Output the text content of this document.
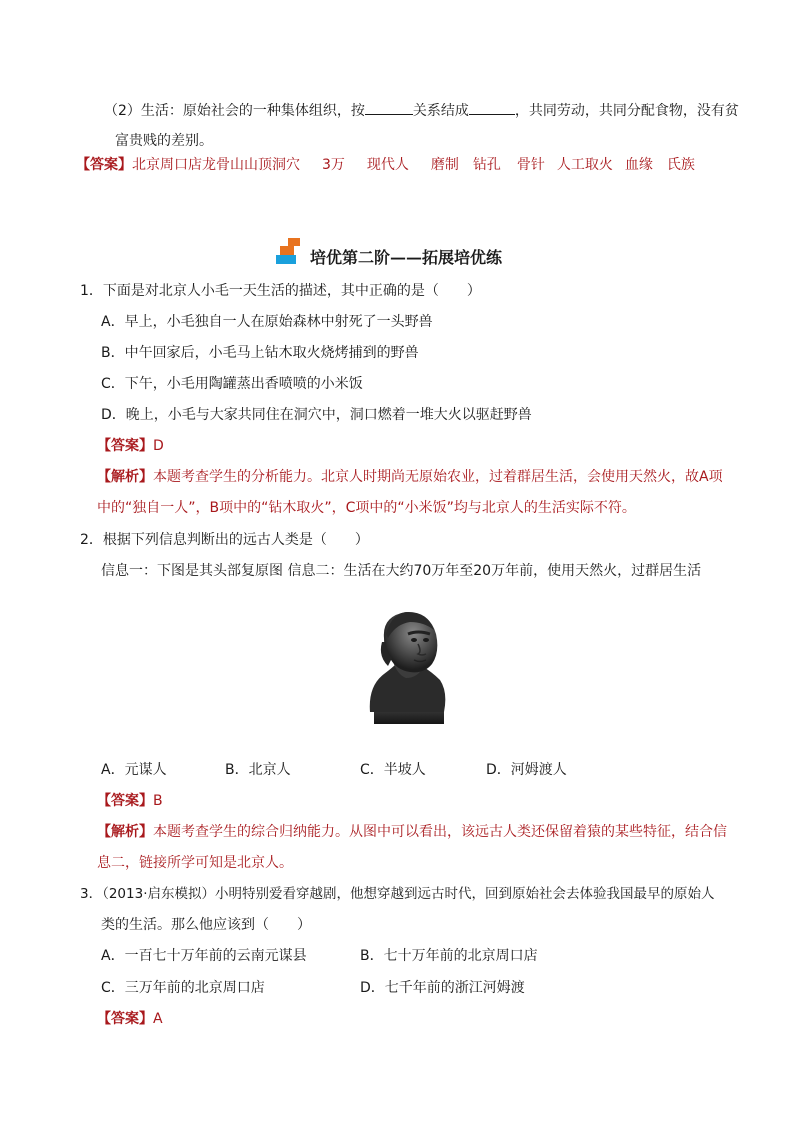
（2）生活：原始社会的一种集体组织，按	关系结成	，共同劳动，共同分配食物，没有贫
富贵贱的差别。
【答案】北京周口店龙骨山山顶洞穴 3万 现代人 磨制 钻孔 骨针 人工取火 血缘 氏族
培优第二阶——拓展培优练
1．下面是对北京人小毛一天生活的描述，其中正确的是（　　）
A．早上，小毛独自一人在原始森林中射死了一头野兽
B．中午回家后，小毛马上钻木取火烧烤捕到的野兽
C．下午，小毛用陶罐蒸出香喷喷的小米饭
D．晚上，小毛与大家共同住在洞穴中，洞口燃着一堆大火以驱赶野兽
【答案】D
【解析】本题考查学生的分析能力。北京人时期尚无原始农业，过着群居生活，会使用天然火，故A项
中的“独自一人”，B项中的“钻木取火”，C项中的“小米饭”均与北京人的生活实际不符。
2．根据下列信息判断出的远古人类是（　　）
信息一：下图是其头部复原图 信息二：生活在大约70万年至20万年前，使用天然火，过群居生活
A．元谋人	B．北京人	C．半坡人	D．河姆渡人
【答案】B
【解析】本题考查学生的综合归纳能力。从图中可以看出，该远古人类还保留着猿的某些特征，结合信
息二，链接所学可知是北京人。
3．（2013·启东模拟）小明特别爱看穿越剧，他想穿越到远古时代，回到原始社会去体验我国最早的原始人
类的生活。那么他应该到（　　）
A．一百七十万年前的云南元谋县	B．七十万年前的北京周口店
C．三万年前的北京周口店	D．七千年前的浙江河姆渡
【答案】A
